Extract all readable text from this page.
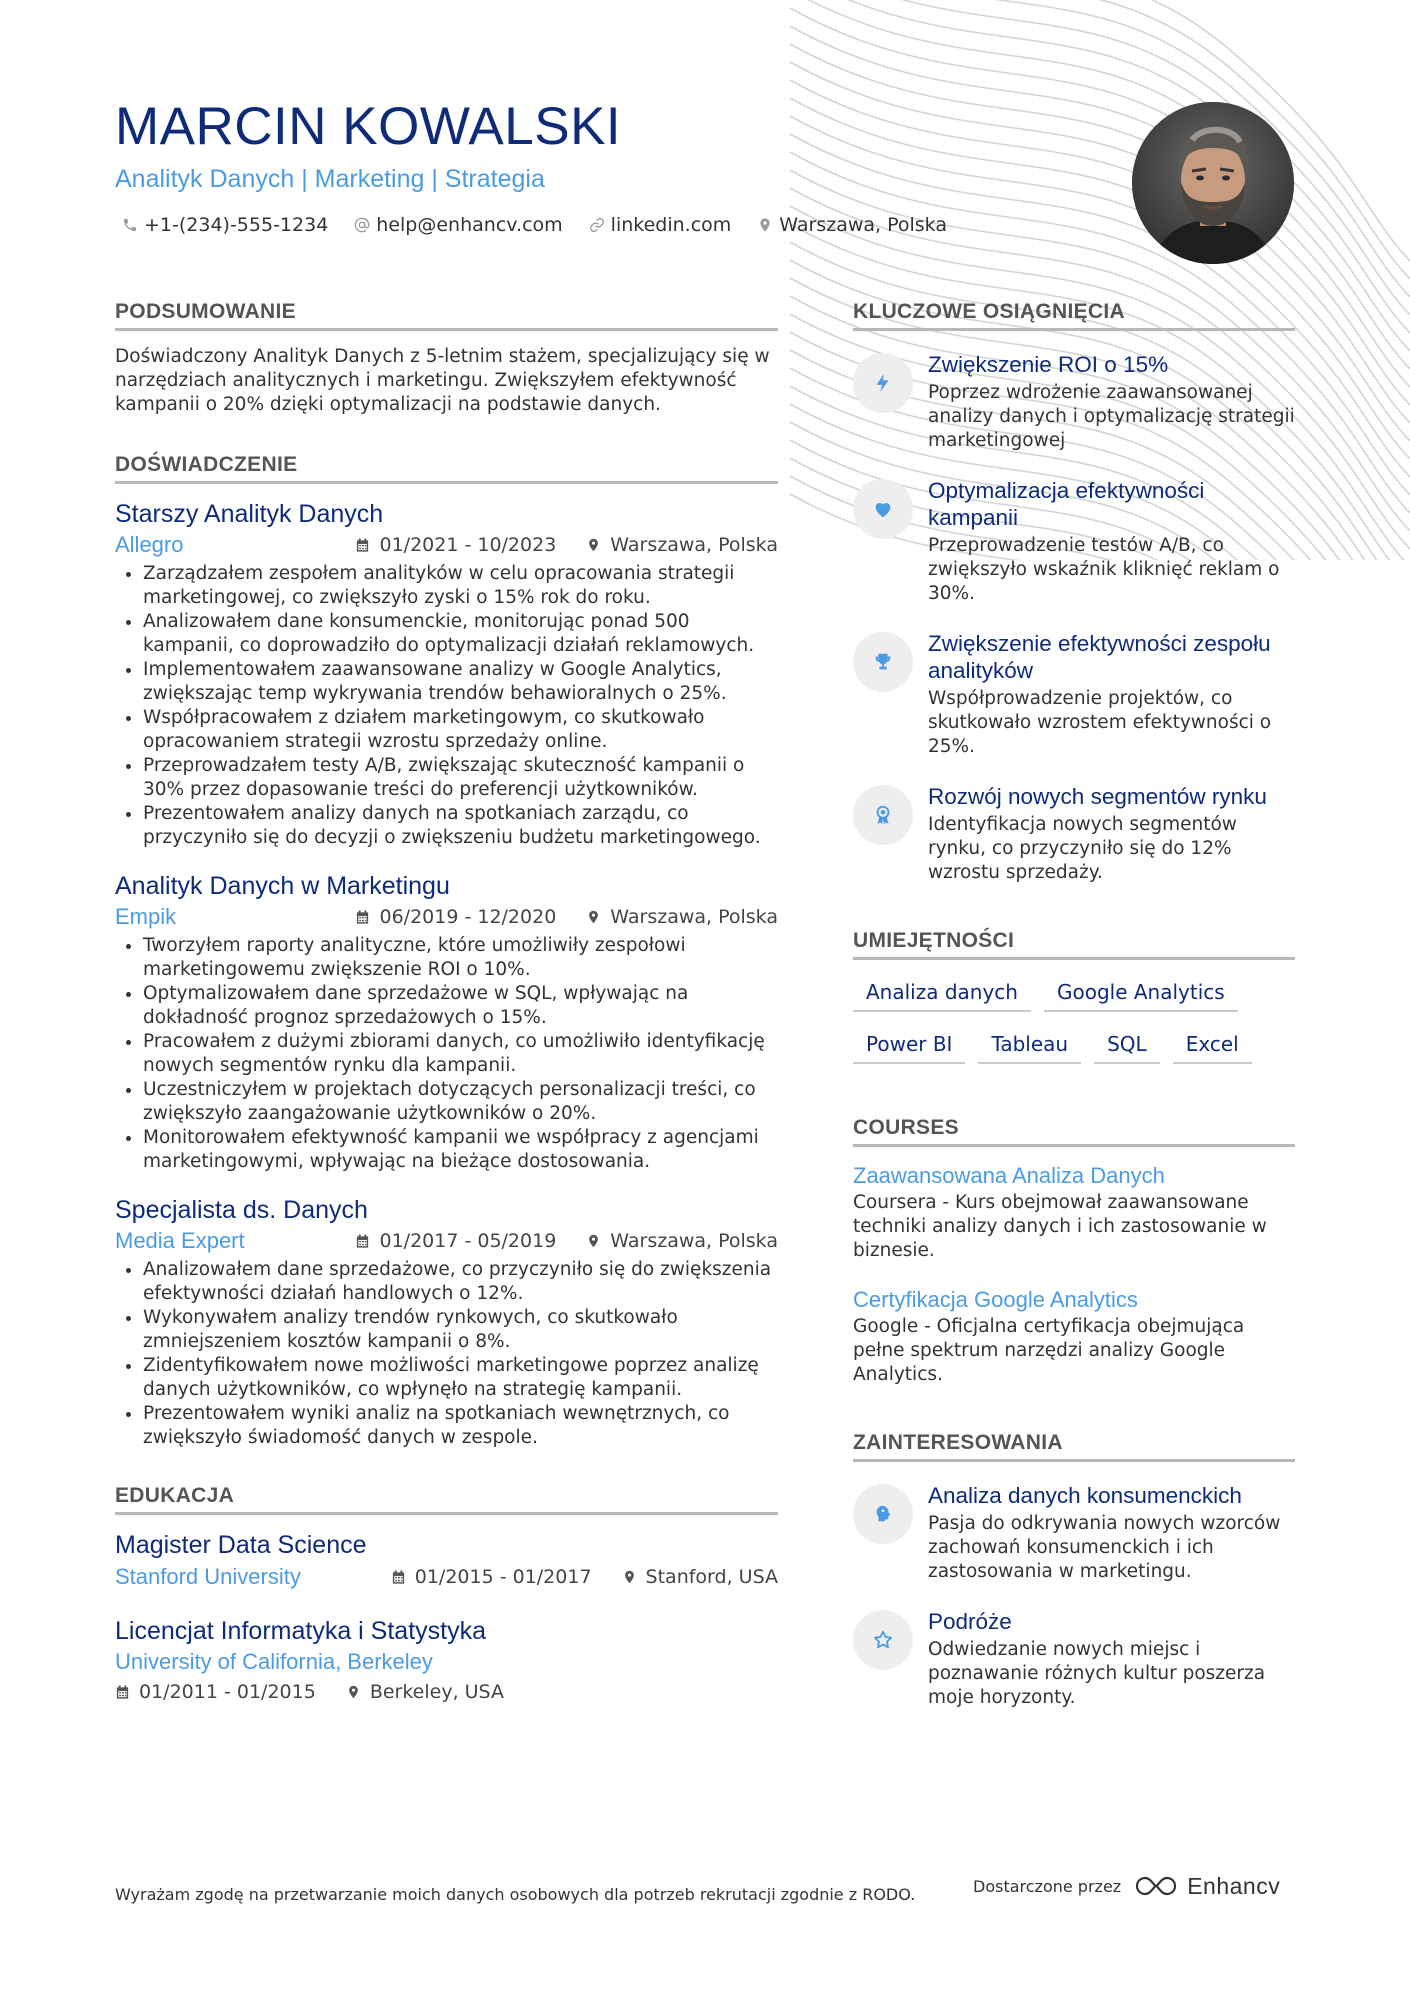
MARCIN KOWALSKI
Analityk Danych | Marketing | Strategia
+1-(234)-555-1234	help@enhancv.com	linkedin.com	Warszawa, Polska
PODSUMOWANIE

Doświadczony Analityk Danych z 5-letnim stażem, specjalizujący się w narzędziach analitycznych i marketingu. Zwiększyłem efektywność kampanii o 20% dzięki optymalizacji na podstawie danych.

DOŚWIADCZENIE
Starszy Analityk Danych
Allegro	01/2021 - 10/2023	Warszawa, Polska
• Zarządzałem zespołem analityków w celu opracowania strategii marketingowej, co zwiększyło zyski o 15% rok do roku.
• Analizowałem dane konsumenckie, monitorując ponad 500 kampanii, co doprowadziło do optymalizacji działań reklamowych.
• Implementowałem zaawansowane analizy w Google Analytics, zwiększając temp wykrywania trendów behawioralnych o 25%.
• Współpracowałem z działem marketingowym, co skutkowało opracowaniem strategii wzrostu sprzedaży online.
• Przeprowadzałem testy A/B, zwiększając skuteczność kampanii o 30% przez dopasowanie treści do preferencji użytkowników.
• Prezentowałem analizy danych na spotkaniach zarządu, co przyczyniło się do decyzji o zwiększeniu budżetu marketingowego.
Analityk Danych w Marketingu
Empik	06/2019 - 12/2020	Warszawa, Polska
• Tworzyłem raporty analityczne, które umożliwiły zespołowi marketingowemu zwiększenie ROI o 10%.
• Optymalizowałem dane sprzedażowe w SQL, wpływając na dokładność prognoz sprzedażowych o 15%.
• Pracowałem z dużymi zbiorami danych, co umożliwiło identyfikację nowych segmentów rynku dla kampanii.
• Uczestniczyłem w projektach dotyczących personalizacji treści, co zwiększyło zaangażowanie użytkowników o 20%.
• Monitorowałem efektywność kampanii we współpracy z agencjami marketingowymi, wpływając na bieżące dostosowania.
Specjalista ds. Danych
Media Expert	01/2017 - 05/2019	Warszawa, Polska
• Analizowałem dane sprzedażowe, co przyczyniło się do zwiększenia efektywności działań handlowych o 12%.
• Wykonywałem analizy trendów rynkowych, co skutkowało zmniejszeniem kosztów kampanii o 8%.
• Zidentyfikowałem nowe możliwości marketingowe poprzez analizę danych użytkowników, co wpłynęło na strategię kampanii.
• Prezentowałem wyniki analiz na spotkaniach wewnętrznych, co zwiększyło świadomość danych w zespole.
EDUKACJA
Magister Data Science
Stanford University	01/2015 - 01/2017	Stanford, USA
Licencjat Informatyka i Statystyka
University of California, Berkeley
01/2011 - 01/2015	Berkeley, USA
KLUCZOWE OSIĄGNIĘCIA
Zwiększenie ROI o 15%
Poprzez wdrożenie zaawansowanej analizy danych i optymalizację strategii marketingowej
Optymalizacja efektywności kampanii
Przeprowadzenie testów A/B, co zwiększyło wskaźnik kliknięć reklam o 30%.
Zwiększenie efektywności zespołu analityków
Współprowadzenie projektów, co skutkowało wzrostem efektywności o 25%.
Rozwój nowych segmentów rynku
Identyfikacja nowych segmentów rynku, co przyczyniło się do 12% wzrostu sprzedaży.
UMIEJĘTNOŚCI
Analiza danych	Google Analytics
Power BI	Tableau	SQL	Excel
COURSES
Zaawansowana Analiza Danych
Coursera - Kurs obejmował zaawansowane techniki analizy danych i ich zastosowanie w biznesie.
Certyfikacja Google Analytics
Google - Oficjalna certyfikacja obejmująca pełne spektrum narzędzi analizy Google Analytics.
ZAINTERESOWANIA
Analiza danych konsumenckich
Pasja do odkrywania nowych wzorców zachowań konsumenckich i ich zastosowania w marketingu.
Podróże
Odwiedzanie nowych miejsc i poznawanie różnych kultur poszerza moje horyzonty.
Wyrażam zgodę na przetwarzanie moich danych osobowych dla potrzeb rekrutacji zgodnie z RODO.	Dostarczone przez	Enhancv
